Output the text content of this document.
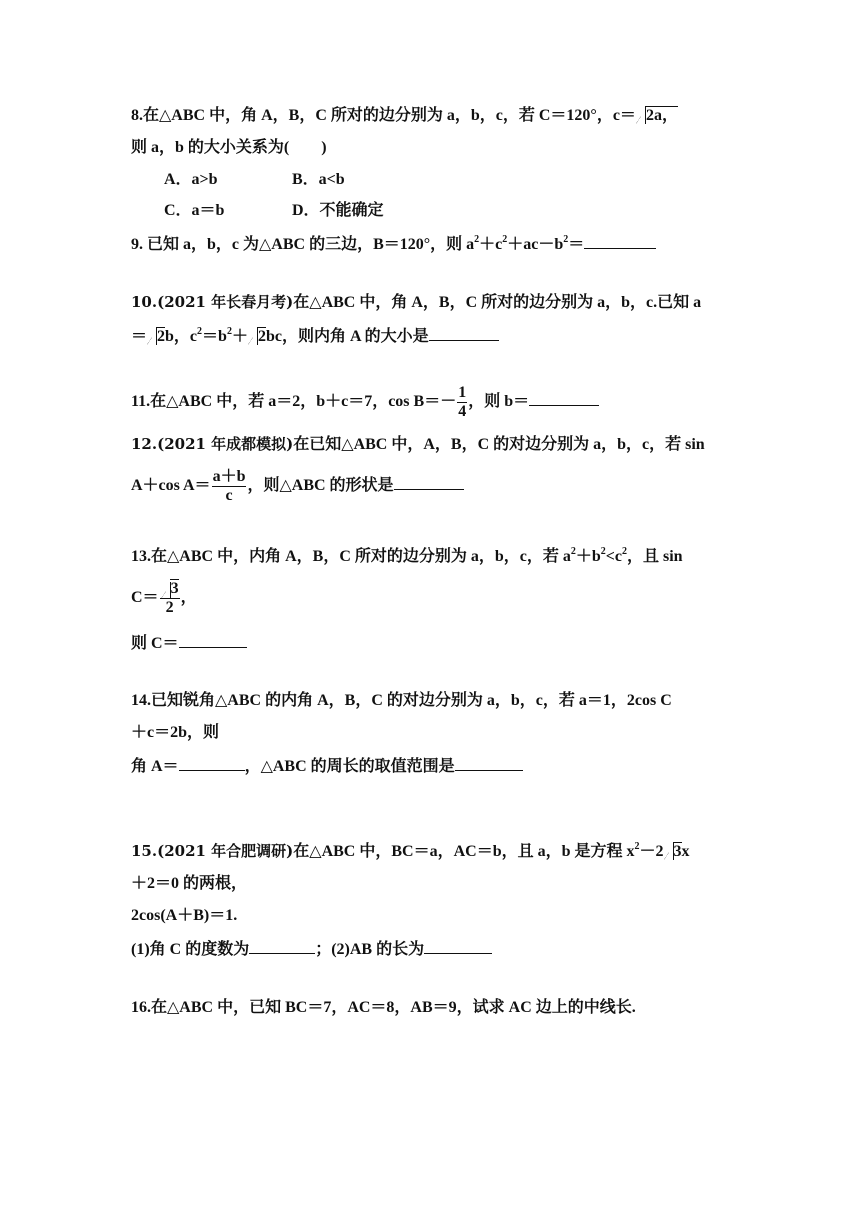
8.在△ABC 中，角 A，B，C 所对的边分别为 a，b，c，若 C＝120°，c＝ 2a，
则 a，b 的大小关系为(　　)
A．a>b	B．a<b
C．a＝b	D．不能确定
9. 已知 a，b，c 为△ABC 的三边，B＝120°，则 $a^2+c^2+ac-b^2=$
10.(2021 年长春月考)在△ABC 中，角 A，B，C 所对的边分别为 a，b，c.已知 a
＝ 2b，$c^2=b^2+ 2bc$，则内角 A 的大小是
11.在△ABC 中，若 a＝2，b＋c＝7，$\cos B=- \frac{1}{4}$ ，则 b＝
12.(2021 年成都模拟)在已知△ABC 中，A，B，C 的对边分别为 a，b，c，若 sin
A＋cos $A= \frac{a+b}{c}$ ，则△ABC 的形状是
13.在△ABC 中，内角 A，B，C 所对的边分别为 a，b，c，若 $a^2+b^2<c^2$，且 sin
$C= \frac{3}{2}$ ，
则 C＝
14.已知锐角△ABC 的内角 A，B，C 的对边分别为 a，b，c，若 a＝1，2cos C
＋c＝2b，则
角 A＝	，△ABC 的周长的取值范围是
15.(2021 年合肥调研)在△ABC 中，BC＝a，AC＝b，且 a，b 是方程 $x^2-2$ 3x
＋2＝0 的两根，
2cos(A＋B)＝1.
(1)角 C 的度数为	；(2)AB 的长为
16.在△ABC 中，已知 BC＝7，AC＝8，AB＝9，试求 AC 边上的中线长.
